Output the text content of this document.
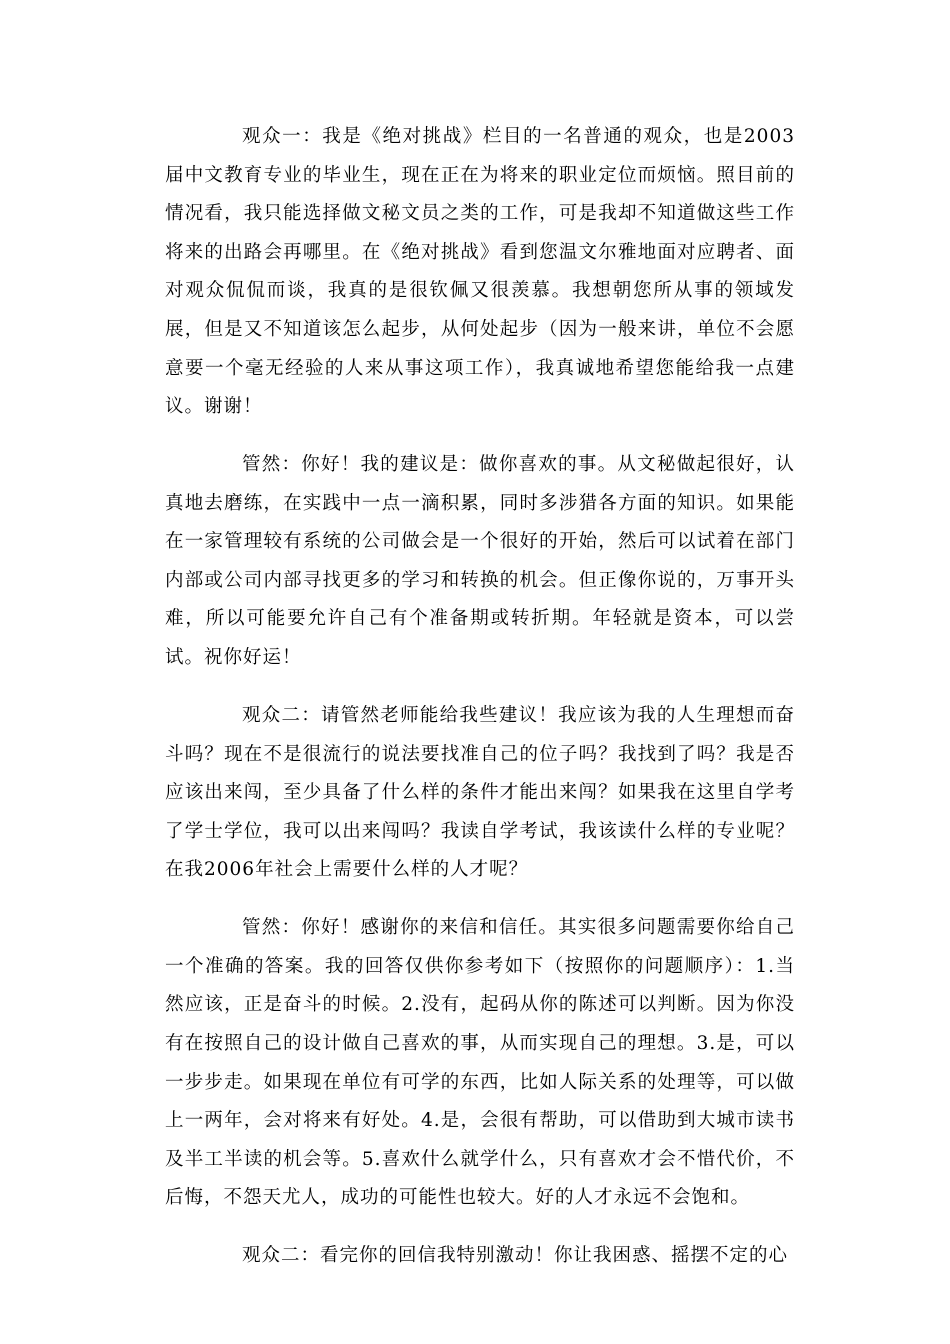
观众一：我是《绝对挑战》栏目的一名普通的观众，也是2003届中文教育专业的毕业生，现在正在为将来的职业定位而烦恼。照目前的情况看，我只能选择做文秘文员之类的工作，可是我却不知道做这些工作将来的出路会再哪里。在《绝对挑战》看到您温文尔雅地面对应聘者、面对观众侃侃而谈，我真的是很钦佩又很羡慕。我想朝您所从事的领域发展，但是又不知道该怎么起步，从何处起步（因为一般来讲，单位不会愿意要一个毫无经验的人来从事这项工作），我真诚地希望您能给我一点建议。谢谢！

管然：你好！我的建议是：做你喜欢的事。从文秘做起很好，认真地去磨练，在实践中一点一滴积累，同时多涉猎各方面的知识。如果能在一家管理较有系统的公司做会是一个很好的开始，然后可以试着在部门内部或公司内部寻找更多的学习和转换的机会。但正像你说的，万事开头难，所以可能要允许自己有个准备期或转折期。年轻就是资本，可以尝试。祝你好运！

观众二：请管然老师能给我些建议！我应该为我的人生理想而奋斗吗？现在不是很流行的说法要找准自己的位子吗？我找到了吗？我是否应该出来闯，至少具备了什么样的条件才能出来闯？如果我在这里自学考了学士学位，我可以出来闯吗？我读自学考试，我该读什么样的专业呢？在我2006年社会上需要什么样的人才呢？

管然：你好！感谢你的来信和信任。其实很多问题需要你给自己一个准确的答案。我的回答仅供你参考如下（按照你的问题顺序）：1.当然应该，正是奋斗的时候。2.没有，起码从你的陈述可以判断。因为你没有在按照自己的设计做自己喜欢的事，从而实现自己的理想。3.是，可以一步步走。如果现在单位有可学的东西，比如人际关系的处理等，可以做上一两年，会对将来有好处。4.是，会很有帮助，可以借助到大城市读书及半工半读的机会等。5.喜欢什么就学什么，只有喜欢才会不惜代价，不后悔，不怨天尤人，成功的可能性也较大。好的人才永远不会饱和。

观众二：看完你的回信我特别激动！你让我困惑、摇摆不定的心
